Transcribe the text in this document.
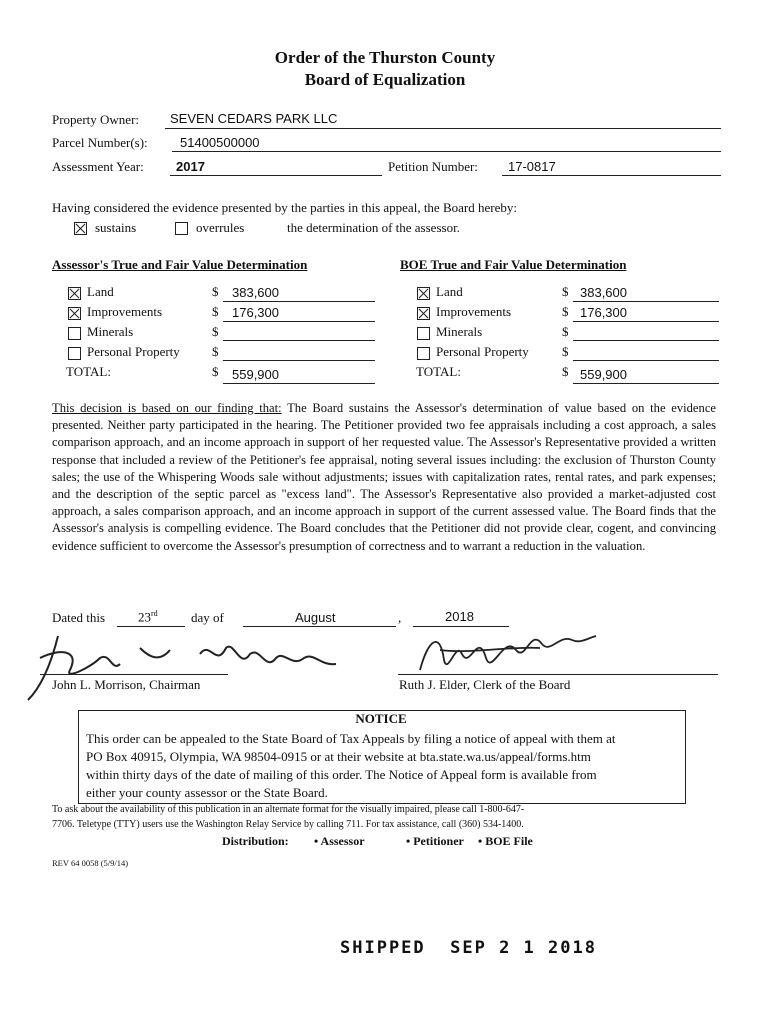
Order of the Thurston County
Board of Equalization
Property Owner: SEVEN CEDARS PARK LLC
Parcel Number(s): 51400500000
Assessment Year: 2017	Petition Number: 17-0817
Having considered the evidence presented by the parties in this appeal, the Board hereby:
sustains	overrules	the determination of the assessor.
Assessor's True and Fair Value Determination
Land	$ 383,600
Improvements	$ 176,300
Minerals	$
Personal Property $
TOTAL:	$ 559,900
BOE True and Fair Value Determination
Land	$ 383,600
Improvements	$ 176,300
Minerals	$
Personal Property	$
TOTAL:	$ 559,900
This decision is based on our finding that: The Board sustains the Assessor's determination of value based on the evidence presented. Neither party participated in the hearing. The Petitioner provided two fee appraisals including a cost approach, a sales comparison approach, and an income approach in support of her requested value. The Assessor's Representative provided a written response that included a review of the Petitioner's fee appraisal, noting several issues including: the exclusion of Thurston County sales; the use of the Whispering Woods sale without adjustments; issues with capitalization rates, rental rates, and park expenses; and the description of the septic parcel as "excess land". The Assessor's Representative also provided a market-adjusted cost approach, a sales comparison approach, and an income approach in support of the current assessed value. The Board finds that the Assessor's analysis is compelling evidence. The Board concludes that the Petitioner did not provide clear, cogent, and convincing evidence sufficient to overcome the Assessor's presumption of correctness and to warrant a reduction in the valuation.
Dated this	23rd	day of	August	,	2018
John L. Morrison, Chairman	Ruth J. Elder, Clerk of the Board
NOTICE
This order can be appealed to the State Board of Tax Appeals by filing a notice of appeal with them at
PO Box 40915, Olympia, WA 98504-0915 or at their website at bta.state.wa.us/appeal/forms.htm
within thirty days of the date of mailing of this order. The Notice of Appeal form is available from
either your county assessor or the State Board.
To ask about the availability of this publication in an alternate format for the visually impaired, please call 1-800-647-
7706. Teletype (TTY) users use the Washington Relay Service by calling 711. For tax assistance, call (360) 534-1400.
Distribution: • Assessor	• Petitioner • BOE File
REV 64 0058 (5/9/14)
SHIPPED SEP 2 1 2018
